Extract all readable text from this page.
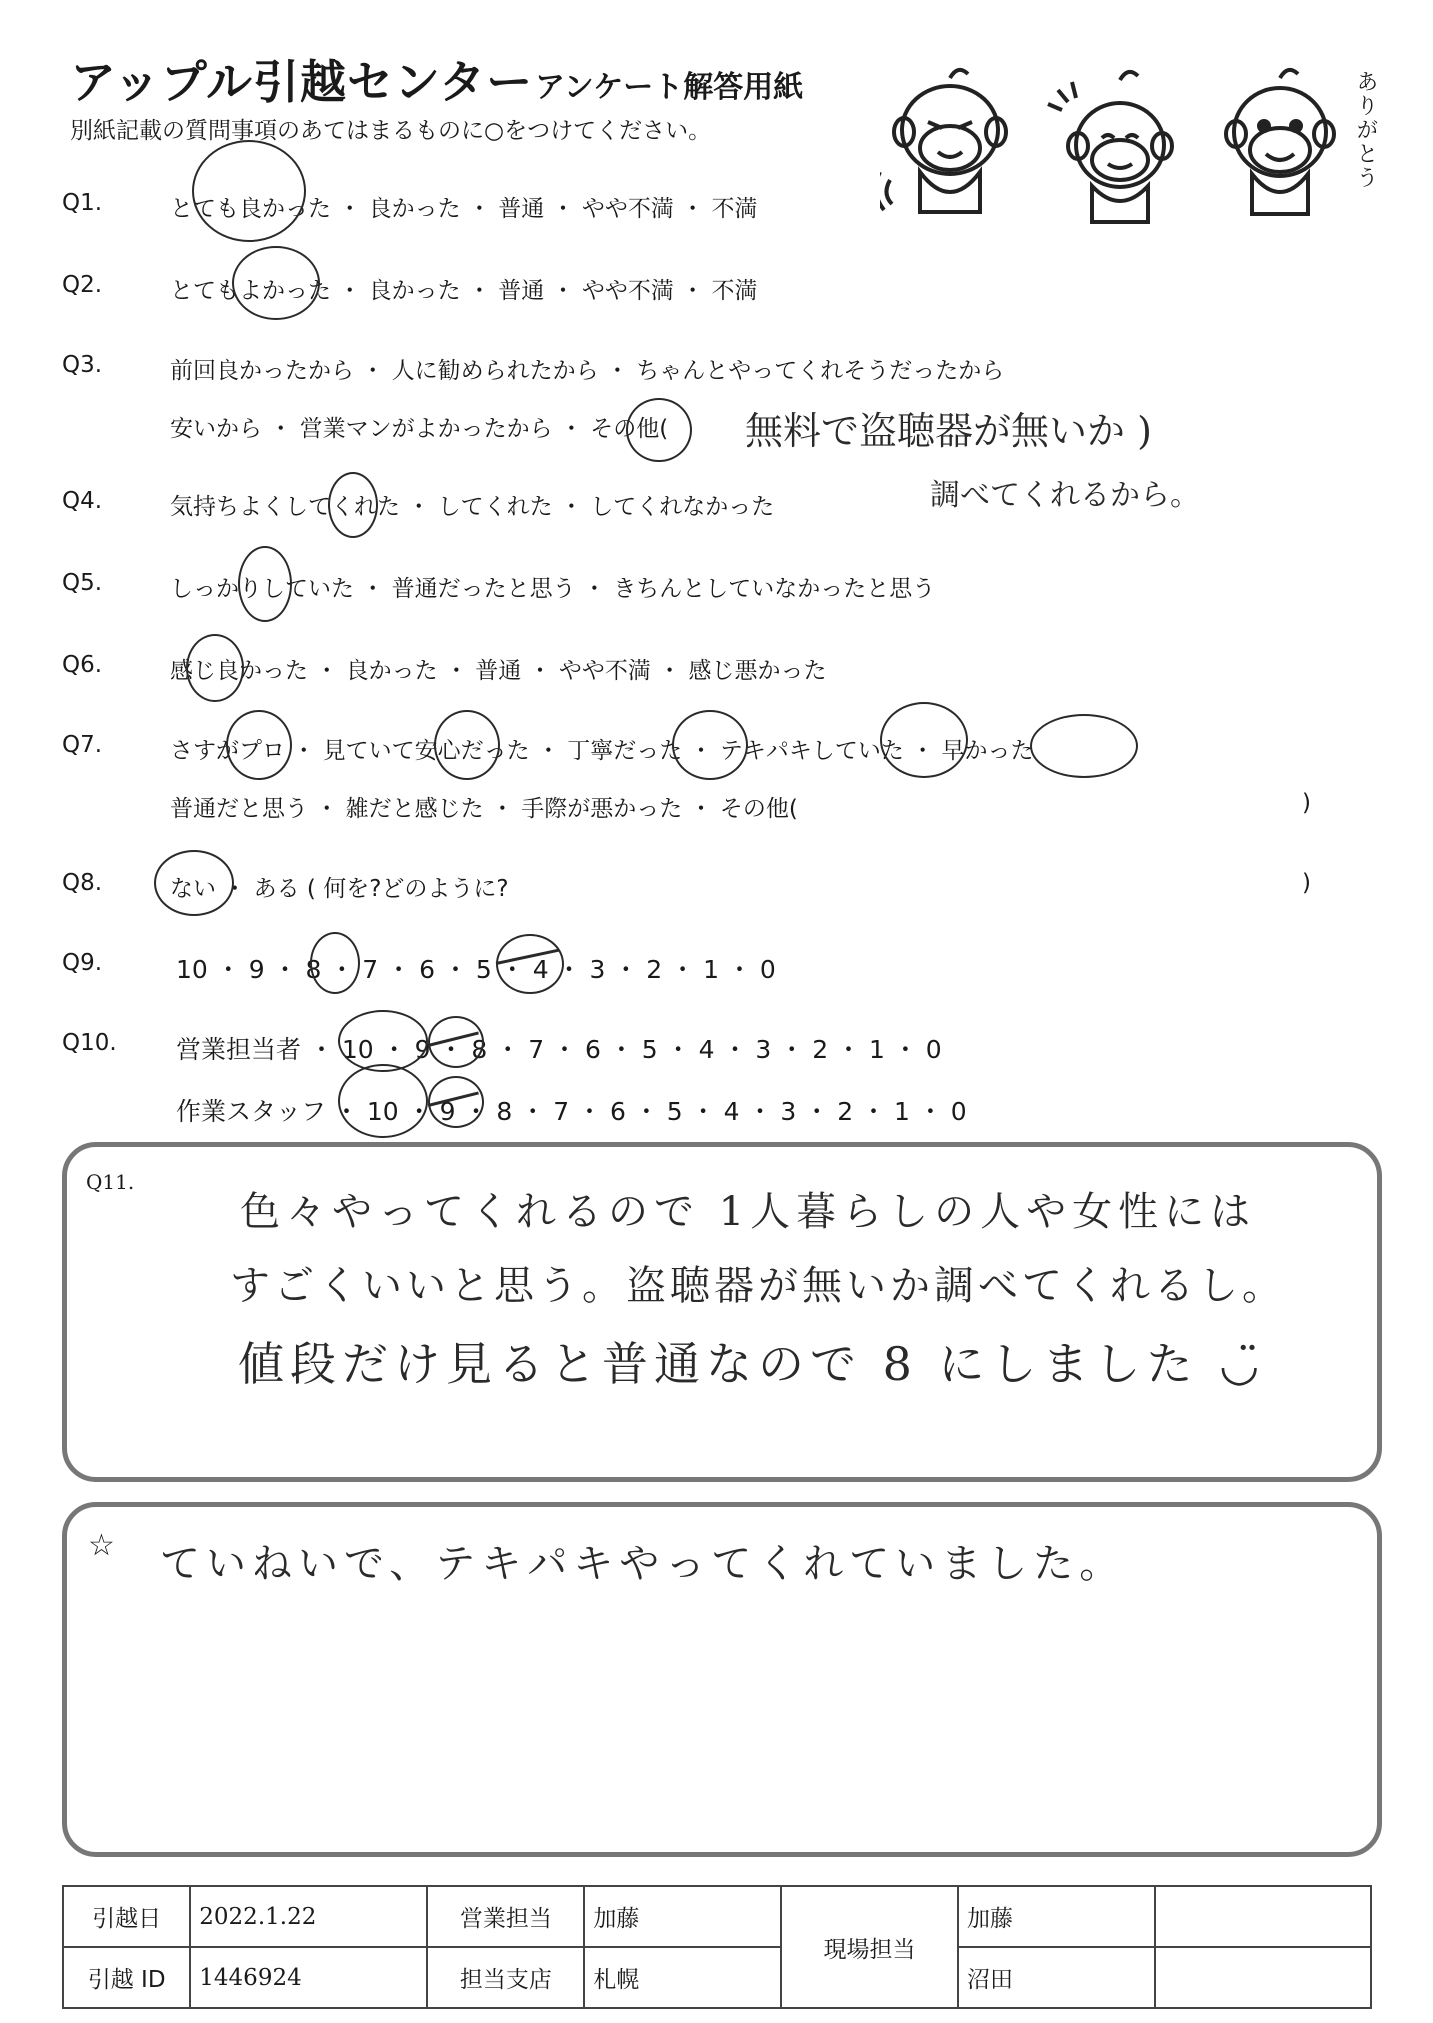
アップル引越センター アンケート解答用紙
別紙記載の質問事項のあてはまるものに○をつけてください。	ありがとう
Q1.	とても良かった ・ 良かった ・ 普通 ・ やや不満 ・ 不満
Q2.	とてもよかった ・ 良かった ・ 普通 ・ やや不満 ・ 不満
Q3.	前回良かったから ・ 人に勧められたから ・ ちゃんとやってくれそうだったから
安いから ・ 営業マンがよかったから ・ その他( 無料で盗聴器が無いか )
調べてくれるから。
Q4.	気持ちよくしてくれた ・ してくれた ・ してくれなかった
Q5.	しっかりしていた ・ 普通だったと思う ・ きちんとしていなかったと思う
Q6.	感じ良かった ・ 良かった ・ 普通 ・ やや不満 ・ 感じ悪かった
Q7.	さすがプロ ・ 見ていて安心だった ・ 丁寧だった ・ テキパキしていた ・ 早かった
普通だと思う ・ 雑だと感じた ・ 手際が悪かった ・ その他(	)
Q8.	ない ・ ある ( 何を?どのように?	)
Q9.	10 ・ 9 ・ 8 ・ 7 ・ 6 ・ 5 ・ 4 ・ 3 ・ 2 ・ 1 ・ 0
Q10. 営業担当者 ・ 10 ・ 9 ・ 8 ・ 7 ・ 6 ・ 5 ・ 4 ・ 3 ・ 2 ・ 1 ・ 0
作業スタッフ ・ 10 ・ 9 ・ 8 ・ 7 ・ 6 ・ 5 ・ 4 ・ 3 ・ 2 ・ 1 ・ 0
Q11.
色々やってくれるので 1人暮らしの人や女性には
すごくいいと思う。盗聴器が無いか調べてくれるし。
値段だけ見ると普通なので 8 にしました ◡̈
☆ ていねいで、テキパキやってくれていました。
引越日	2022.1.22	営業担当	加藤	現場担当	加藤	
引越 ID	1446924	担当支店	札幌		沼田	
